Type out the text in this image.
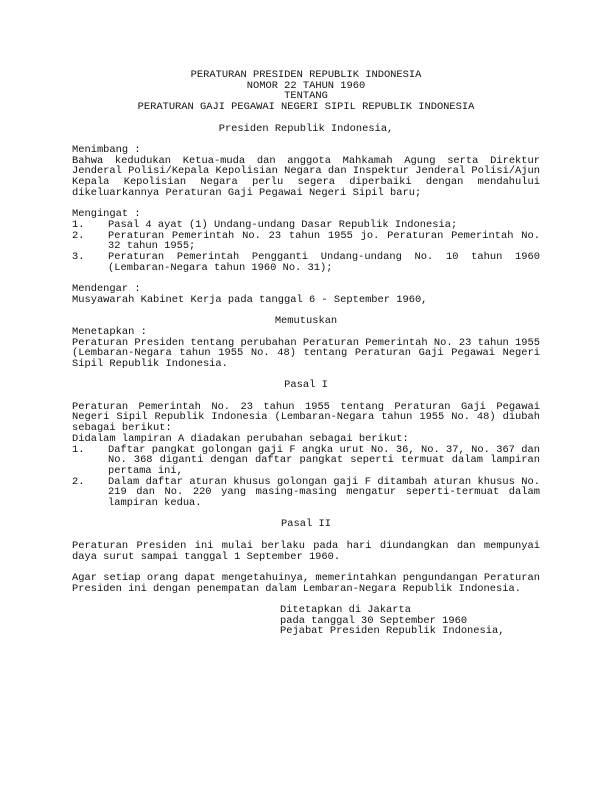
PERATURAN PRESIDEN REPUBLIK INDONESIA
NOMOR 22 TAHUN 1960
TENTANG
PERATURAN GAJI PEGAWAI NEGERI SIPIL REPUBLIK INDONESIA
Presiden Republik Indonesia,
Menimbang :
Bahwa kedudukan Ketua-muda dan anggota Mahkamah Agung serta Direktur Jenderal Polisi/Kepala Kepolisian Negara dan Inspektur Jenderal Polisi/Ajun Kepala Kepolisian Negara perlu segera diperbaiki dengan mendahului dikeluarkannya Peraturan Gaji Pegawai Negeri Sipil baru;
Mengingat :
1.	Pasal 4 ayat (1) Undang-undang Dasar Republik Indonesia;
2.	Peraturan Pemerintah No. 23 tahun 1955 jo. Peraturan Pemerintah No. 32 tahun 1955;
3.	Peraturan Pemerintah Pengganti Undang-undang No. 10 tahun 1960 (Lembaran-Negara tahun 1960 No. 31);
Mendengar :
Musyawarah Kabinet Kerja pada tanggal 6 - September 1960,
Memutuskan
Menetapkan :
Peraturan Presiden tentang perubahan Peraturan Pemerintah No. 23 tahun 1955 (Lembaran-Negara tahun 1955 No. 48) tentang Peraturan Gaji Pegawai Negeri Sipil Republik Indonesia.
Pasal I
Peraturan Pemerintah No. 23 tahun 1955 tentang Peraturan Gaji Pegawai Negeri Sipil Republik Indonesia (Lembaran-Negara tahun 1955 No. 48) diubah sebagai berikut:
Didalam lampiran A diadakan perubahan sebagai berikut:
1.	Daftar pangkat golongan gaji F angka urut No. 36, No. 37, No. 367 dan No. 368 diganti dengan daftar pangkat seperti termuat dalam lampiran pertama ini,
2.	Dalam daftar aturan khusus golongan gaji F ditambah aturan khusus No. 219 dan No. 220 yang masing-masing mengatur seperti-termuat dalam lampiran kedua.
Pasal II
Peraturan Presiden ini mulai berlaku pada hari diundangkan dan mempunyai daya surut sampai tanggal 1 September 1960.
Agar setiap orang dapat mengetahuinya, memerintahkan pengundangan Peraturan Presiden ini dengan penempatan dalam Lembaran-Negara Republik Indonesia.
Ditetapkan di Jakarta
pada tanggal 30 September 1960
Pejabat Presiden Republik Indonesia,
